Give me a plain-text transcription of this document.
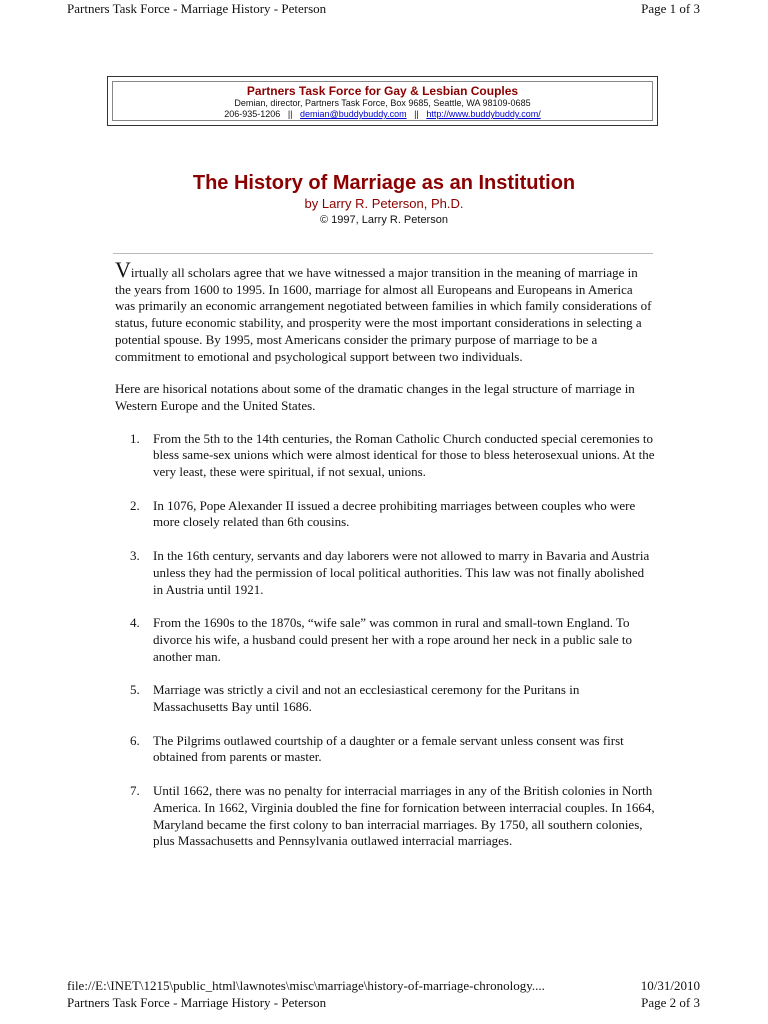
Partners Task Force - Marriage History - Peterson	Page 1 of 3
Partners Task Force for Gay & Lesbian Couples
Demian, director, Partners Task Force, Box 9685, Seattle, WA 98109-0685
206-935-1206 || demian@buddybuddy.com || http://www.buddybuddy.com/
The History of Marriage as an Institution
by Larry R. Peterson, Ph.D.
© 1997, Larry R. Peterson

Virtually all scholars agree that we have witnessed a major transition in the meaning of marriage in the years from 1600 to 1995. In 1600, marriage for almost all Europeans and Europeans in America was primarily an economic arrangement negotiated between families in which family considerations of status, future economic stability, and prosperity were the most important considerations in selecting a potential spouse. By 1995, most Americans consider the primary purpose of marriage to be a commitment to emotional and psychological support between two individuals.

Here are hisorical notations about some of the dramatic changes in the legal structure of marriage in Western Europe and the United States.

1. From the 5th to the 14th centuries, the Roman Catholic Church conducted special ceremonies to bless same-sex unions which were almost identical for those to bless heterosexual unions. At the very least, these were spiritual, if not sexual, unions.
2. In 1076, Pope Alexander II issued a decree prohibiting marriages between couples who were more closely related than 6th cousins.
3. In the 16th century, servants and day laborers were not allowed to marry in Bavaria and Austria unless they had the permission of local political authorities. This law was not finally abolished in Austria until 1921.
4. From the 1690s to the 1870s, “wife sale” was common in rural and small-town England. To divorce his wife, a husband could present her with a rope around her neck in a public sale to another man.
5. Marriage was strictly a civil and not an ecclesiastical ceremony for the Puritans in Massachusetts Bay until 1686.
6. The Pilgrims outlawed courtship of a daughter or a female servant unless consent was first obtained from parents or master.
7. Until 1662, there was no penalty for interracial marriages in any of the British colonies in North America. In 1662, Virginia doubled the fine for fornication between interracial couples. In 1664, Maryland became the first colony to ban interracial marriages. By 1750, all southern colonies, plus Massachusetts and Pennsylvania outlawed interracial marriages.
file://E:\INET\1215\public_html\lawnotes\misc\marriage\history-of-marriage-chronology....	10/31/2010
Partners Task Force - Marriage History - Peterson	Page 2 of 3
